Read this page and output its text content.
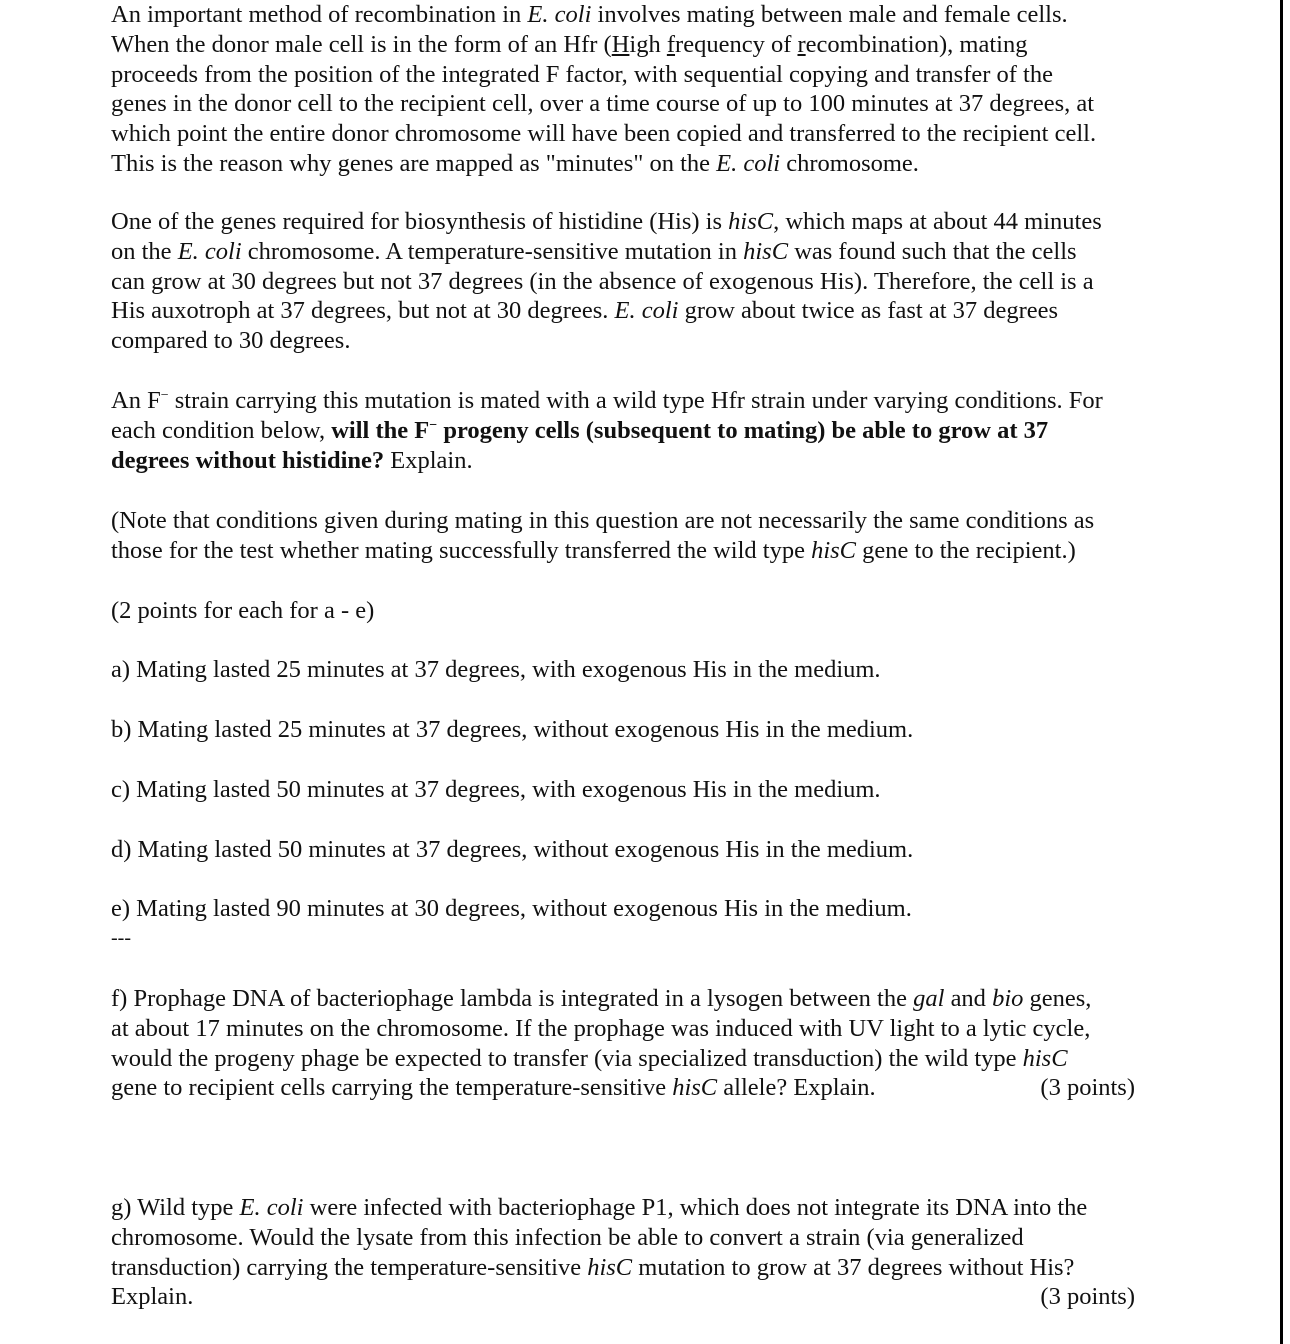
An important method of recombination in E. coli involves mating between male and female cells.
When the donor male cell is in the form of an Hfr (High frequency of recombination), mating
proceeds from the position of the integrated F factor, with sequential copying and transfer of the
genes in the donor cell to the recipient cell, over a time course of up to 100 minutes at 37 degrees, at
which point the entire donor chromosome will have been copied and transferred to the recipient cell.
This is the reason why genes are mapped as "minutes" on the E. coli chromosome.
One of the genes required for biosynthesis of histidine (His) is hisC, which maps at about 44 minutes
on the E. coli chromosome. A temperature-sensitive mutation in hisC was found such that the cells
can grow at 30 degrees but not 37 degrees (in the absence of exogenous His). Therefore, the cell is a
His auxotroph at 37 degrees, but not at 30 degrees. E. coli grow about twice as fast at 37 degrees
compared to 30 degrees.
An F− strain carrying this mutation is mated with a wild type Hfr strain under varying conditions. For
each condition below, will the F− progeny cells (subsequent to mating) be able to grow at 37
degrees without histidine? Explain.
(Note that conditions given during mating in this question are not necessarily the same conditions as
those for the test whether mating successfully transferred the wild type hisC gene to the recipient.)
(2 points for each for a - e)
a) Mating lasted 25 minutes at 37 degrees, with exogenous His in the medium.
b) Mating lasted 25 minutes at 37 degrees, without exogenous His in the medium.
c) Mating lasted 50 minutes at 37 degrees, with exogenous His in the medium.
d) Mating lasted 50 minutes at 37 degrees, without exogenous His in the medium.
e) Mating lasted 90 minutes at 30 degrees, without exogenous His in the medium.
---
f) Prophage DNA of bacteriophage lambda is integrated in a lysogen between the gal and bio genes,
at about 17 minutes on the chromosome. If the prophage was induced with UV light to a lytic cycle,
would the progeny phage be expected to transfer (via specialized transduction) the wild type hisC
gene to recipient cells carrying the temperature-sensitive hisC allele? Explain.	(3 points)
g) Wild type E. coli were infected with bacteriophage P1, which does not integrate its DNA into the
chromosome. Would the lysate from this infection be able to convert a strain (via generalized
transduction) carrying the temperature-sensitive hisC mutation to grow at 37 degrees without His?
Explain.	(3 points)
